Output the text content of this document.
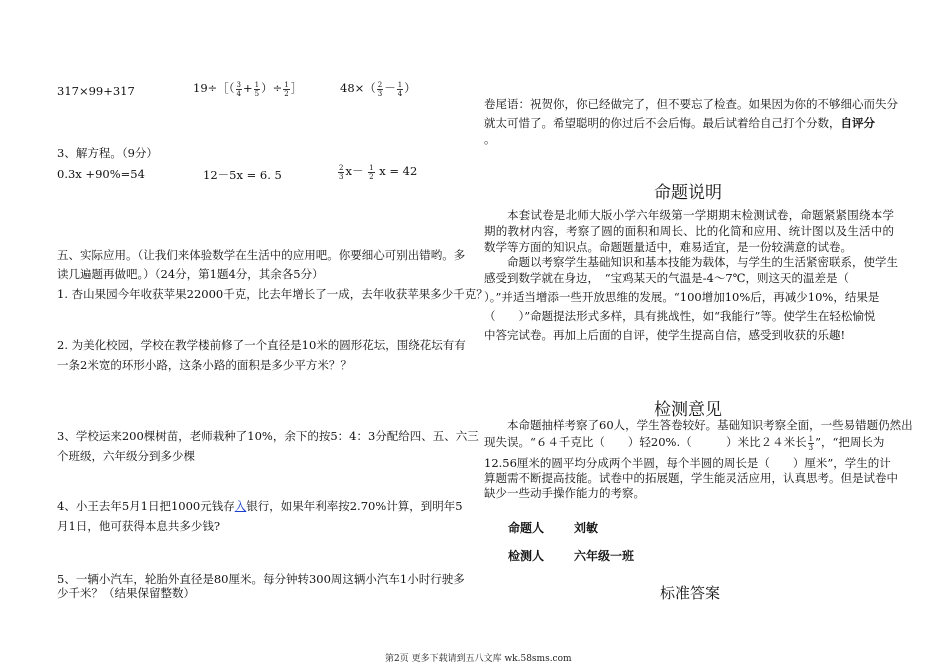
317×99+317	19÷［（ $\frac{3}{4} + \frac{1}{5}$ ）÷ $\frac{1}{2}$ ］	$48\times( \frac{2}{3} - \frac{1}{4}$ ）
3、解方程。（9分）
0.3x +90%=54	12－5x = 6. 5	$\frac{2}{3} x- \frac{1}{2}$ x = 42
五、实际应用。（让我们来体验数学在生活中的应用吧。你要细心可别出错哟。多
读几遍题再做吧。）（24分，第1题4分，其余各5分）
1. 杏山果园今年收获苹果22000千克，比去年增长了一成，去年收获苹果多少千克？
2. 为美化校园，学校在教学楼前修了一个直径是10米的圆形花坛，围绕花坛有有
一条2米宽的环形小路，这条小路的面积是多少平方米？？
3、学校运来200棵树苗，老师栽种了10%，余下的按5：4：3分配给四、五、六三
个班级，六年级分到多少棵
4、小王去年5月1日把1000元钱存入银行，如果年利率按2.70%计算，到明年5
月1日，他可获得本息共多少钱?
5、一辆小汽车，轮胎外直径是80厘米。每分钟转300周这辆小汽车1小时行驶多
少千米？（结果保留整数）
卷尾语：祝贺你，你已经做完了，但不要忘了检查。如果因为你的不够细心而失分
就太可惜了。希望聪明的你过后不会后悔。最后试着给自己打个分数，自评分
。
命题说明
本套试卷是北师大版小学六年级第一学期期末检测试卷，命题紧紧围绕本学期的教材内容，考察了圆的面积和周长、比的化简和应用、统计图以及生活中的数学等方面的知识点。命题题量适中，难易适宜，是一份较满意的试卷。
命题以考察学生基础知识和基本技能为载体，与学生的生活紧密联系，使学生
感受到数学就在身边，　“宝鸡某天的气温是-4～7℃，则这天的温差是（
）。”并适当增添一些开放思维的发展。“100增加10%后，再减少10%，结果是
（　　）”命题提法形式多样，具有挑战性，如“我能行”等。使学生在轻松愉悦
中答完试卷。再加上后面的自评，使学生提高自信，感受到收获的乐趣!
检测意见
本命题抽样考察了60人，学生答卷较好。基础知识考察全面，一些易错题仍然出
现失误。“６４千克比（　　）轻20%.（　　　）米比２４米长 $\frac{1}{3}$ ”，“把周长为
12.56厘米的圆平均分成两个半圆，每个半圆的周长是（　　）厘米”，学生的计
算题需不断提高技能。试卷中的拓展题，学生能灵活应用，认真思考。但是试卷中
缺少一些动手操作能力的考察。
命题人 刘敏
检测人 六年级一班
标准答案
第2页 更多下载请到五八文库 wk.58sms.com
